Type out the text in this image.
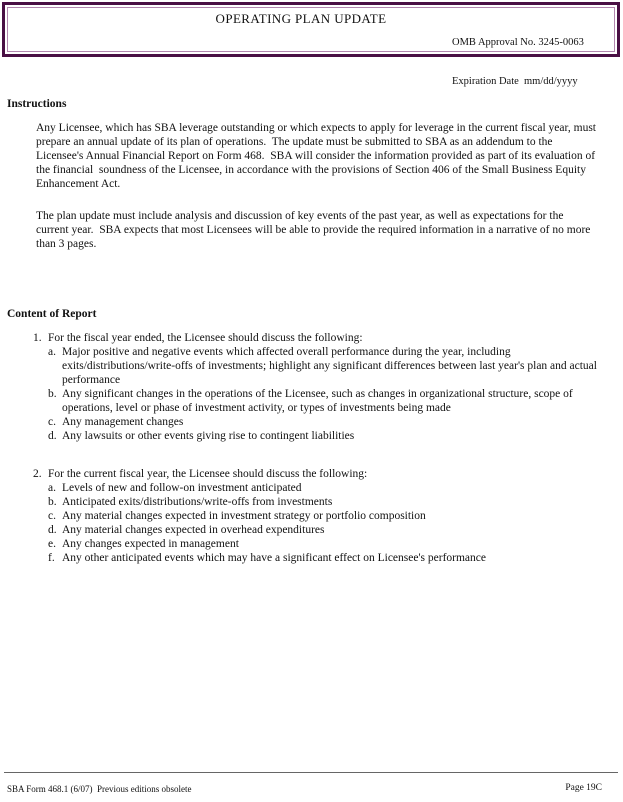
OPERATING PLAN UPDATE

OMB Approval No. 3245-0063

Expiration Date  mm/dd/yyyy

Instructions

Any Licensee, which has SBA leverage outstanding or which expects to apply for leverage in the current fiscal year, must prepare an annual update of its plan of operations.  The update must be submitted to SBA as an addendum to the Licensee's Annual Financial Report on Form 468.  SBA will consider the information provided as part of its evaluation of the financial  soundness of the Licensee, in accordance with the provisions of Section 406 of the Small Business Equity Enhancement Act.

The plan update must include analysis and discussion of key events of the past year, as well as expectations for the current year.  SBA expects that most Licensees will be able to provide the required information in a narrative of no more than 3 pages.

Content of Report
1. For the fiscal year ended, the Licensee should discuss the following:
a. Major positive and negative events which affected overall performance during the year, including exits/distributions/write-offs of investments; highlight any significant differences between last year's plan and actual performance
b. Any significant changes in the operations of the Licensee, such as changes in organizational structure, scope of operations, level or phase of investment activity, or types of investments being made
c. Any management changes
d. Any lawsuits or other events giving rise to contingent liabilities
2. For the current fiscal year, the Licensee should discuss the following:
a. Levels of new and follow-on investment anticipated
b. Anticipated exits/distributions/write-offs from investments
c. Any material changes expected in investment strategy or portfolio composition
d. Any material changes expected in overhead expenditures
e. Any changes expected in management
f. Any other anticipated events which may have a significant effect on Licensee's performance
SBA Form 468.1 (6/07)  Previous editions obsolete	Page 19C
